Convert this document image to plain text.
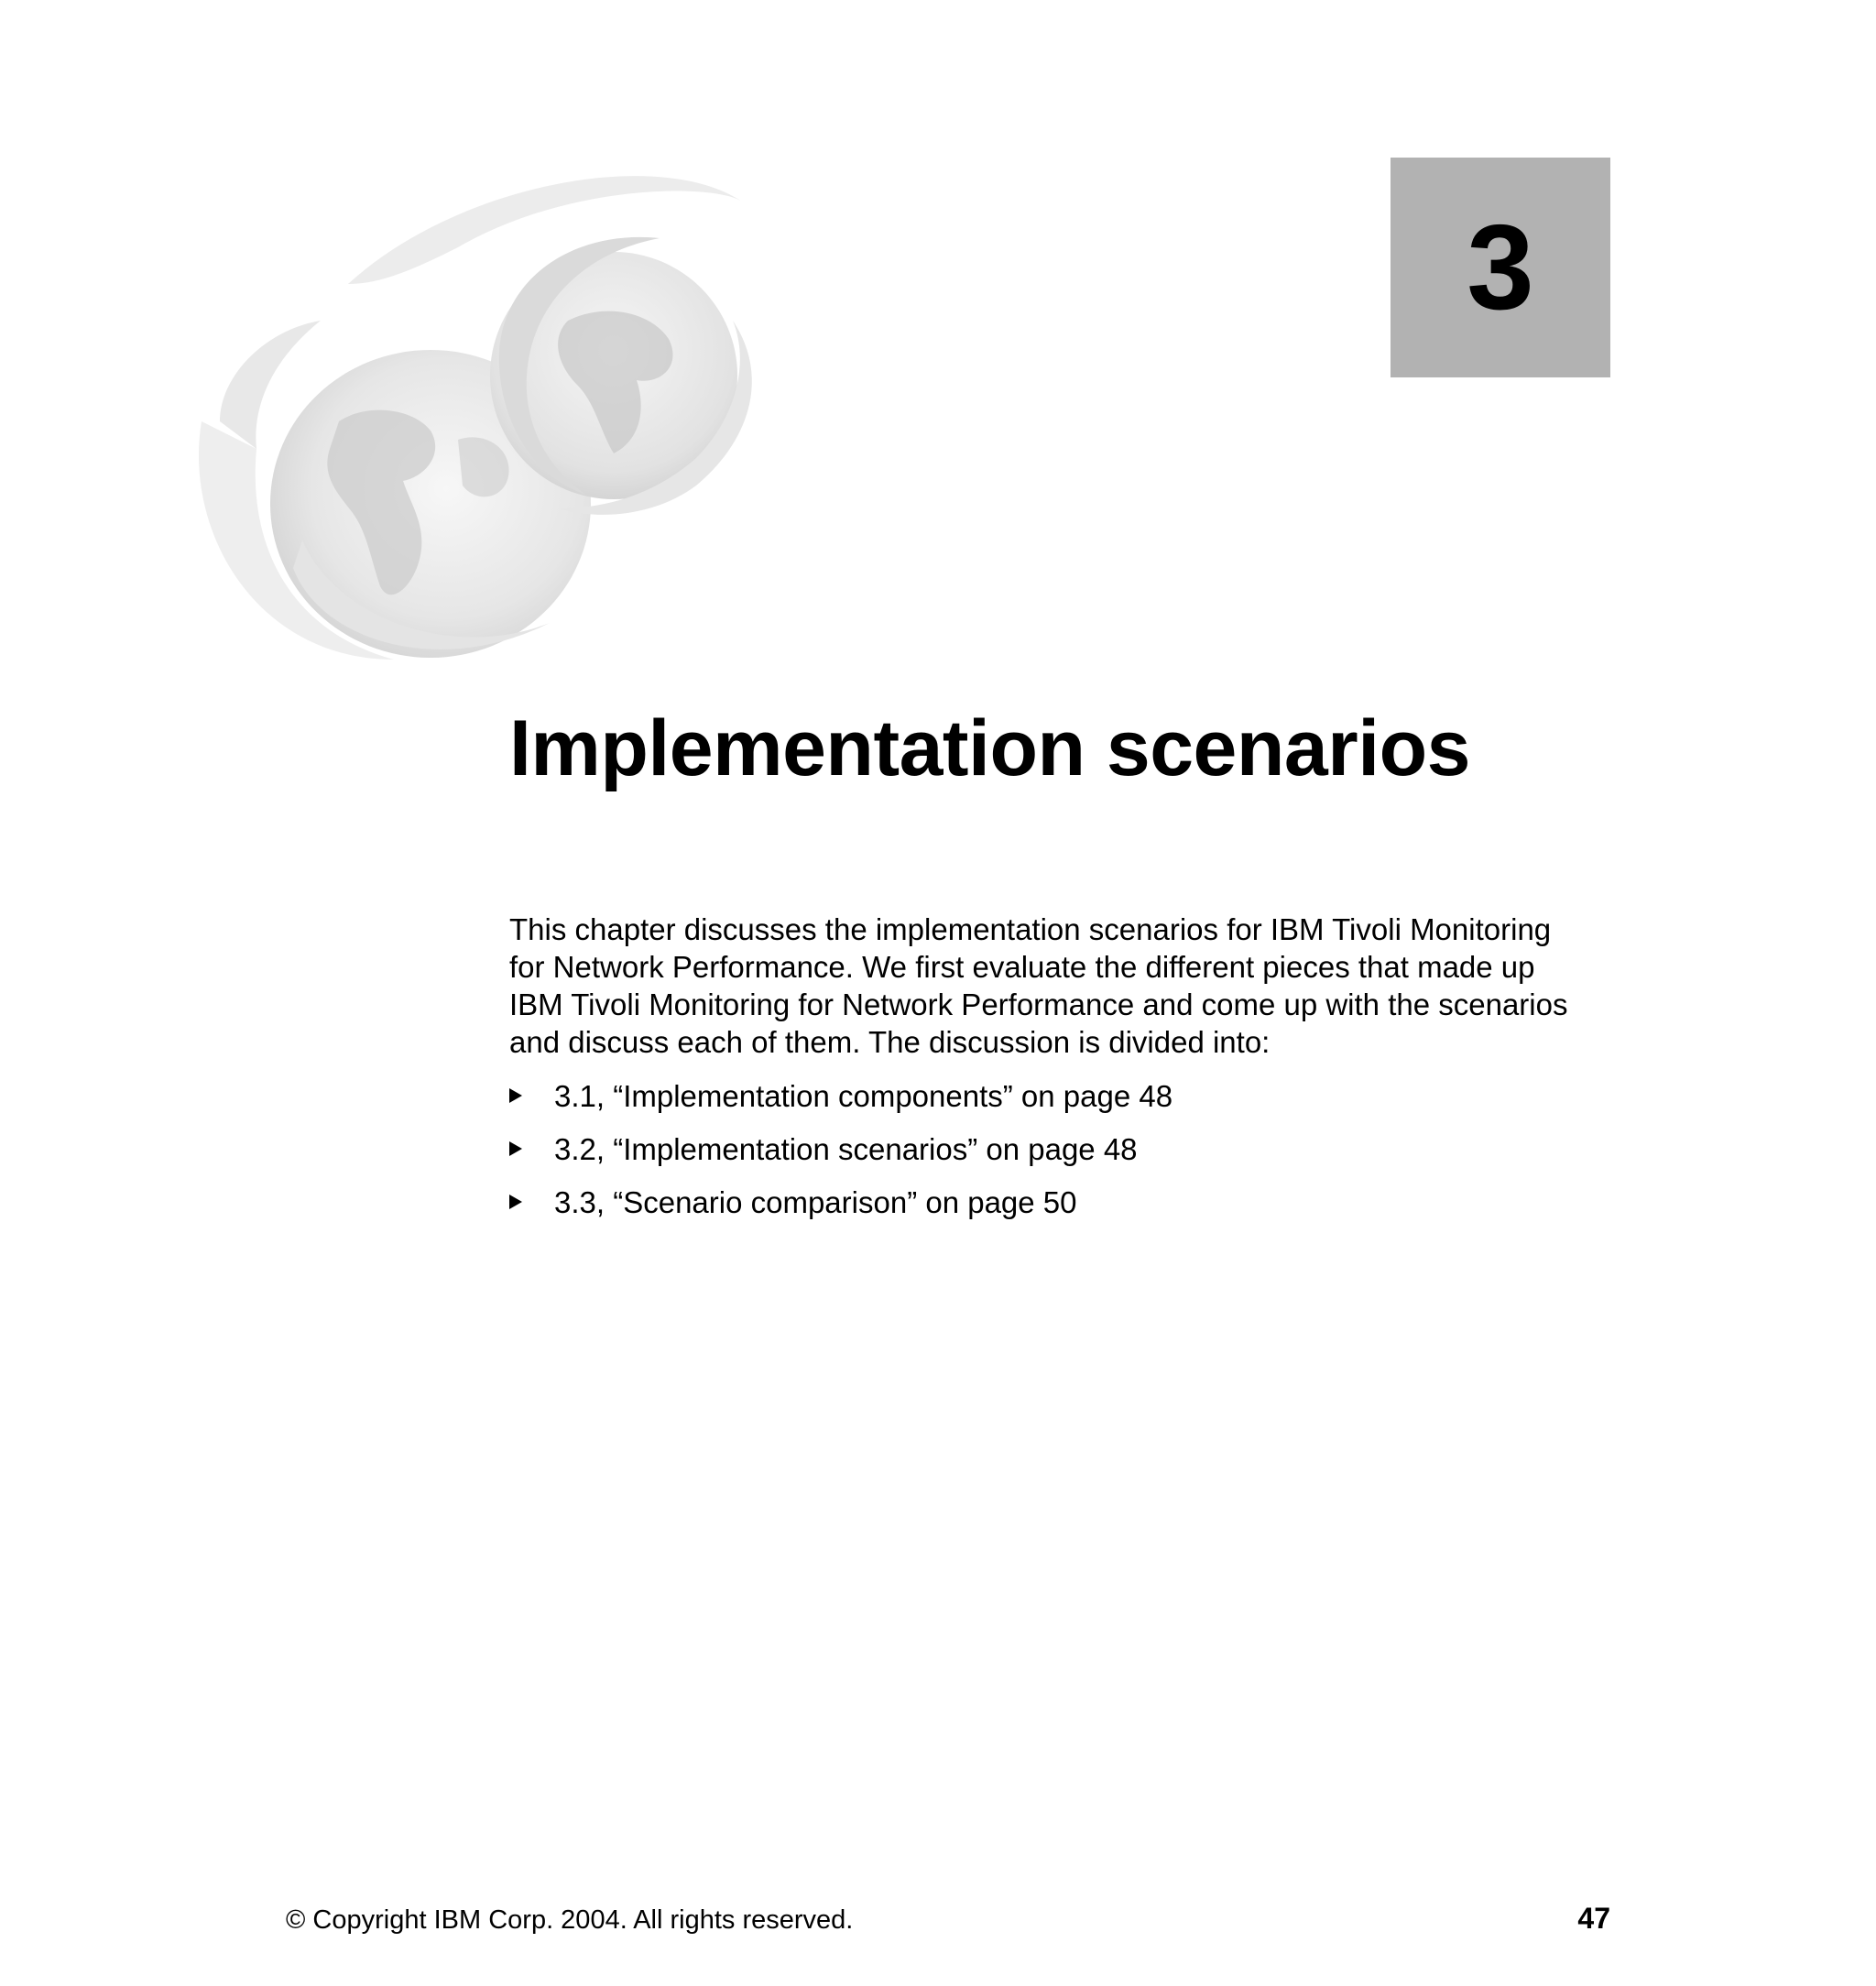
3
Implementation scenarios

This chapter discusses the implementation scenarios for IBM Tivoli Monitoring
for Network Performance. We first evaluate the different pieces that made up
IBM Tivoli Monitoring for Network Performance and come up with the scenarios
and discuss each of them. The discussion is divided into:

3.1, “Implementation components” on page 48
3.2, “Implementation scenarios” on page 48
3.3, “Scenario comparison” on page 50
© Copyright IBM Corp. 2004. All rights reserved.	47
